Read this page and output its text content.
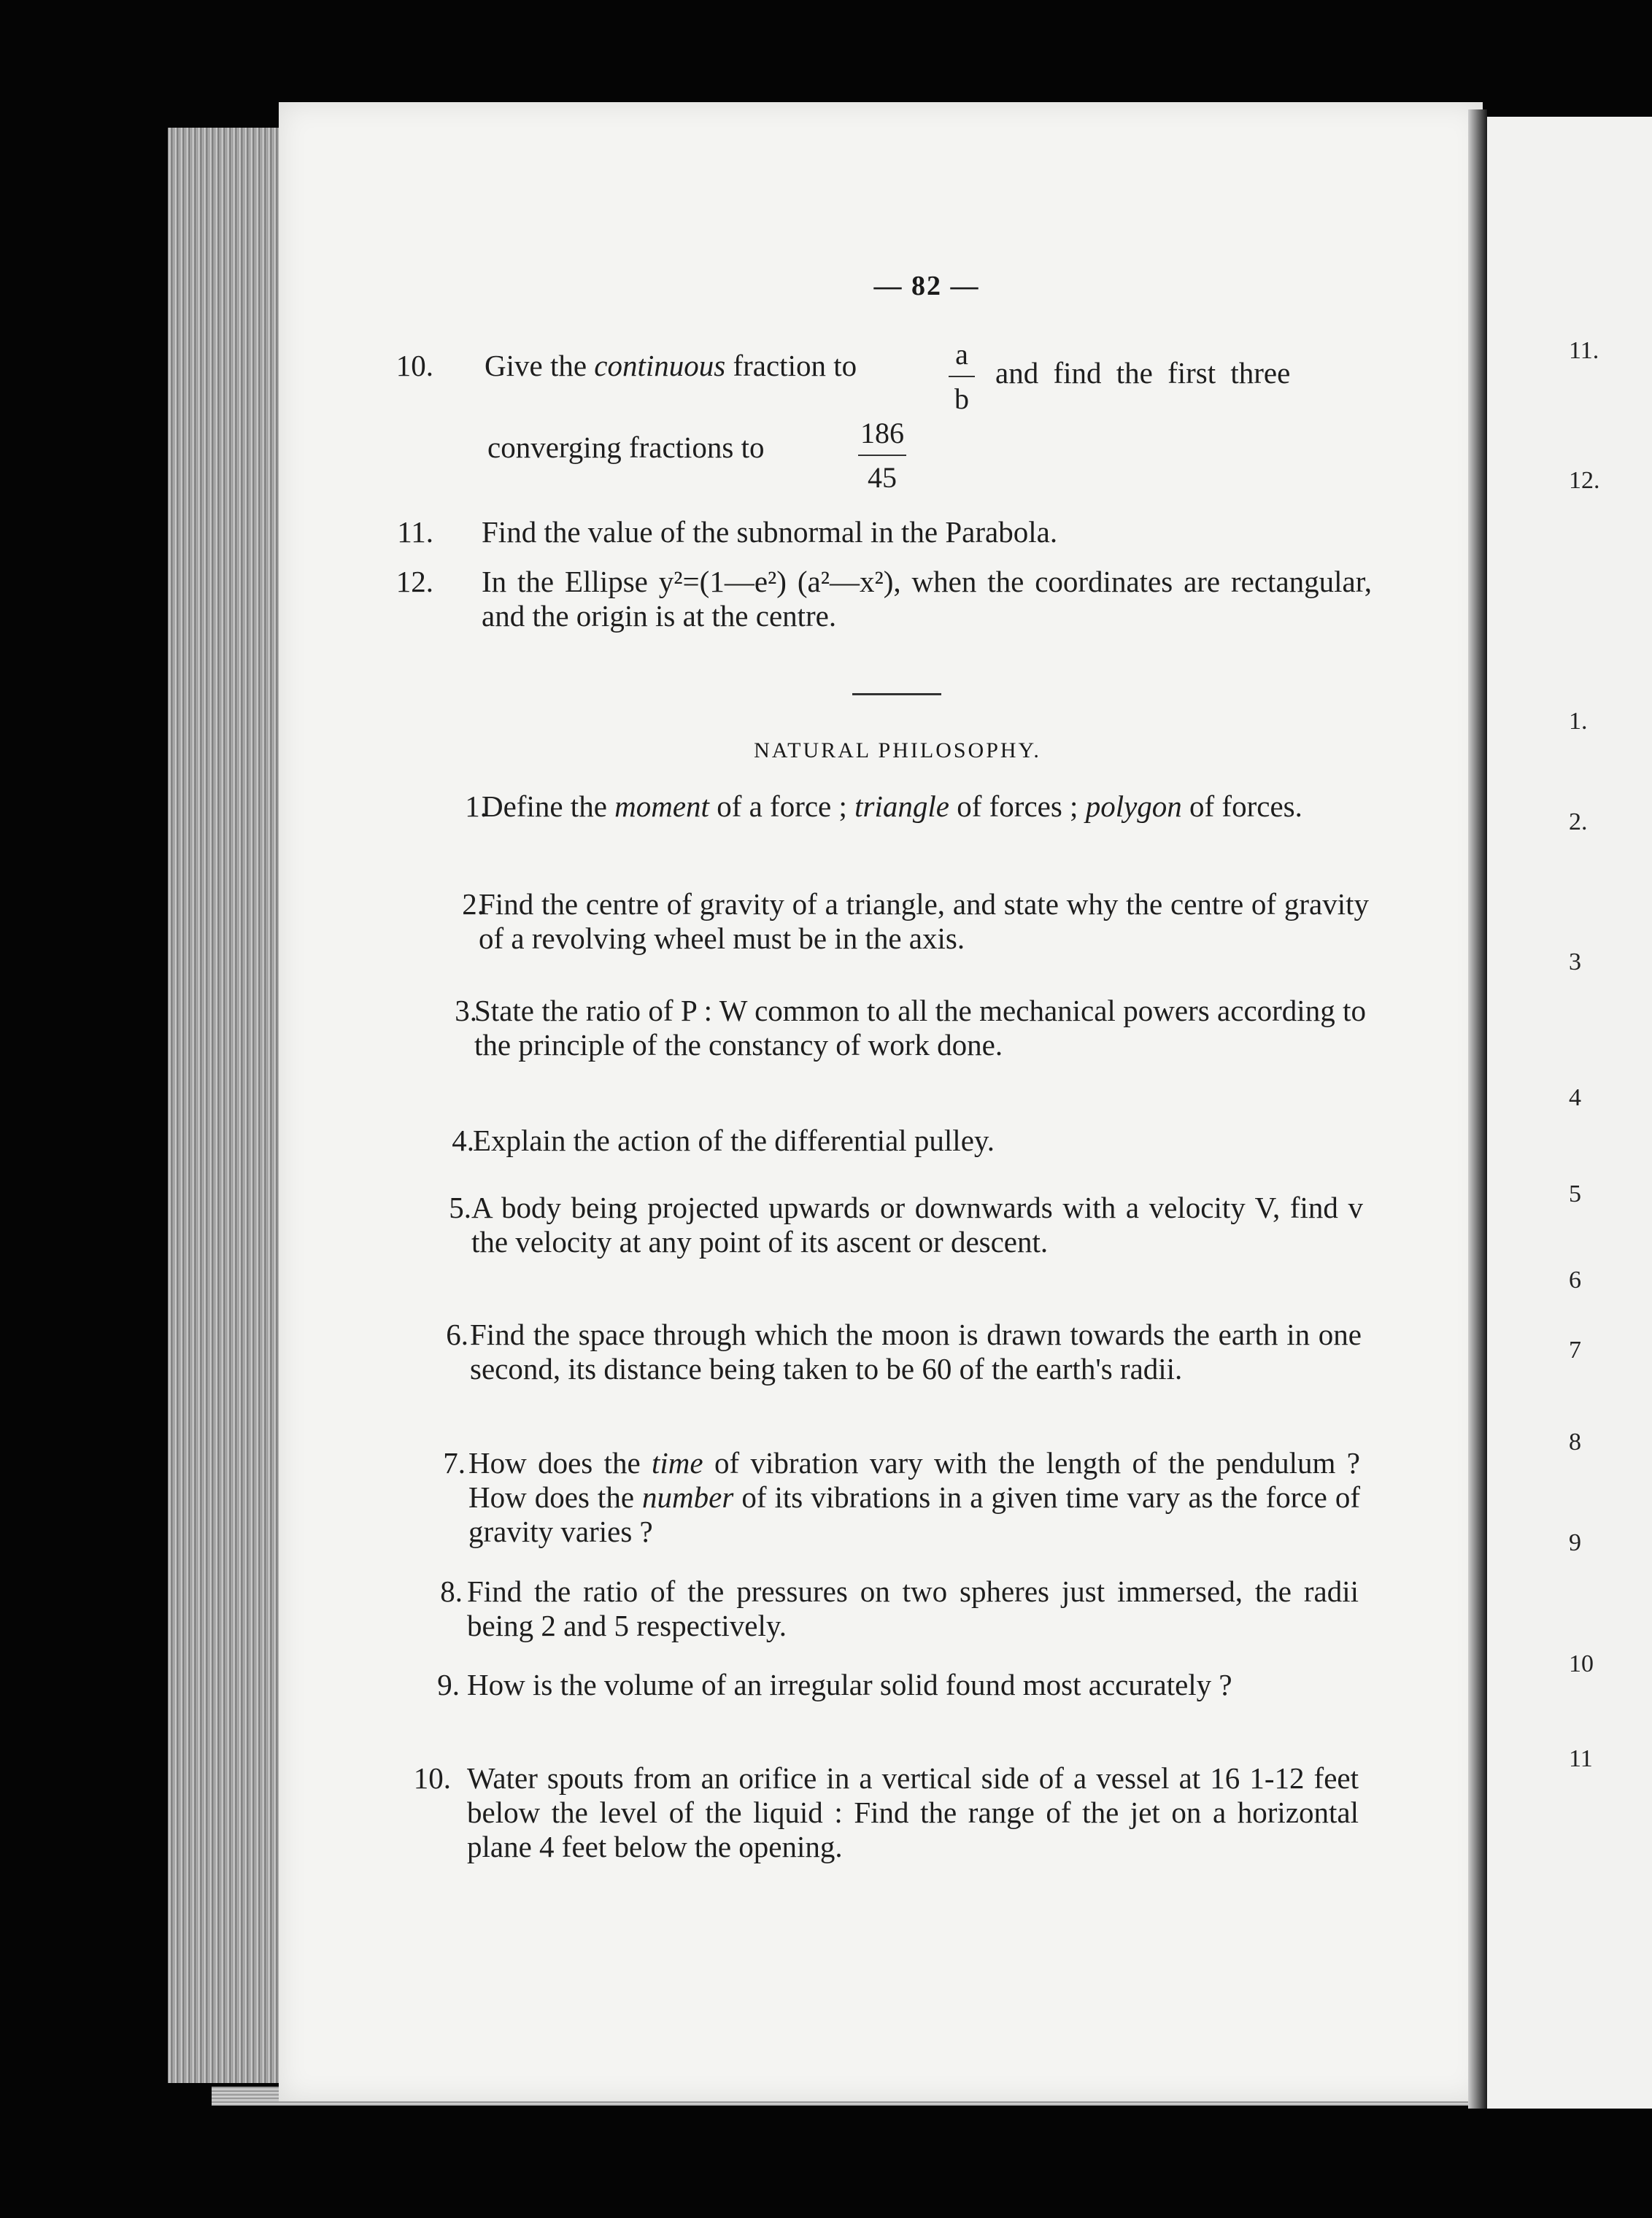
11.
12.
1.
2.
3
4
5
6
7
8
9
10
11
— 82 —
10. Give the continuous fraction to	a
b
and find the first three
converging fractions to	186
45
11. Find the value of the subnormal in the Parabola.
12. In the Ellipse y²=(1—e²) (a²—x²), when the coordinates are rectangular, and the origin is at the centre.
NATURAL PHILOSOPHY.
1.
Define the moment of a force ; triangle of forces ; polygon of forces.
2.
Find the centre of gravity of a triangle, and state why the centre of gravity of a revolving wheel must be in the axis.
3.
State the ratio of P : W common to all the mechanical powers according to the principle of the constancy of work done.
4.
Explain the action of the differential pulley.
5. A body being projected upwards or downwards with a velocity V, find v the velocity at any point of its ascent or descent.
6. Find the space through which the moon is drawn towards the earth in one second, its distance being taken to be 60 of the earth's radii.
7. How does the time of vibration vary with the length of the pendulum ? How does the number of its vibrations in a given time vary as the force of gravity varies ?
8. Find the ratio of the pressures on two spheres just immersed, the radii being 2 and 5 respectively.
9. How is the volume of an irregular solid found most accurately ?
10. Water spouts from an orifice in a vertical side of a vessel at 16 1-12 feet below the level of the liquid : Find the range of the jet on a horizontal plane 4 feet below the opening.
